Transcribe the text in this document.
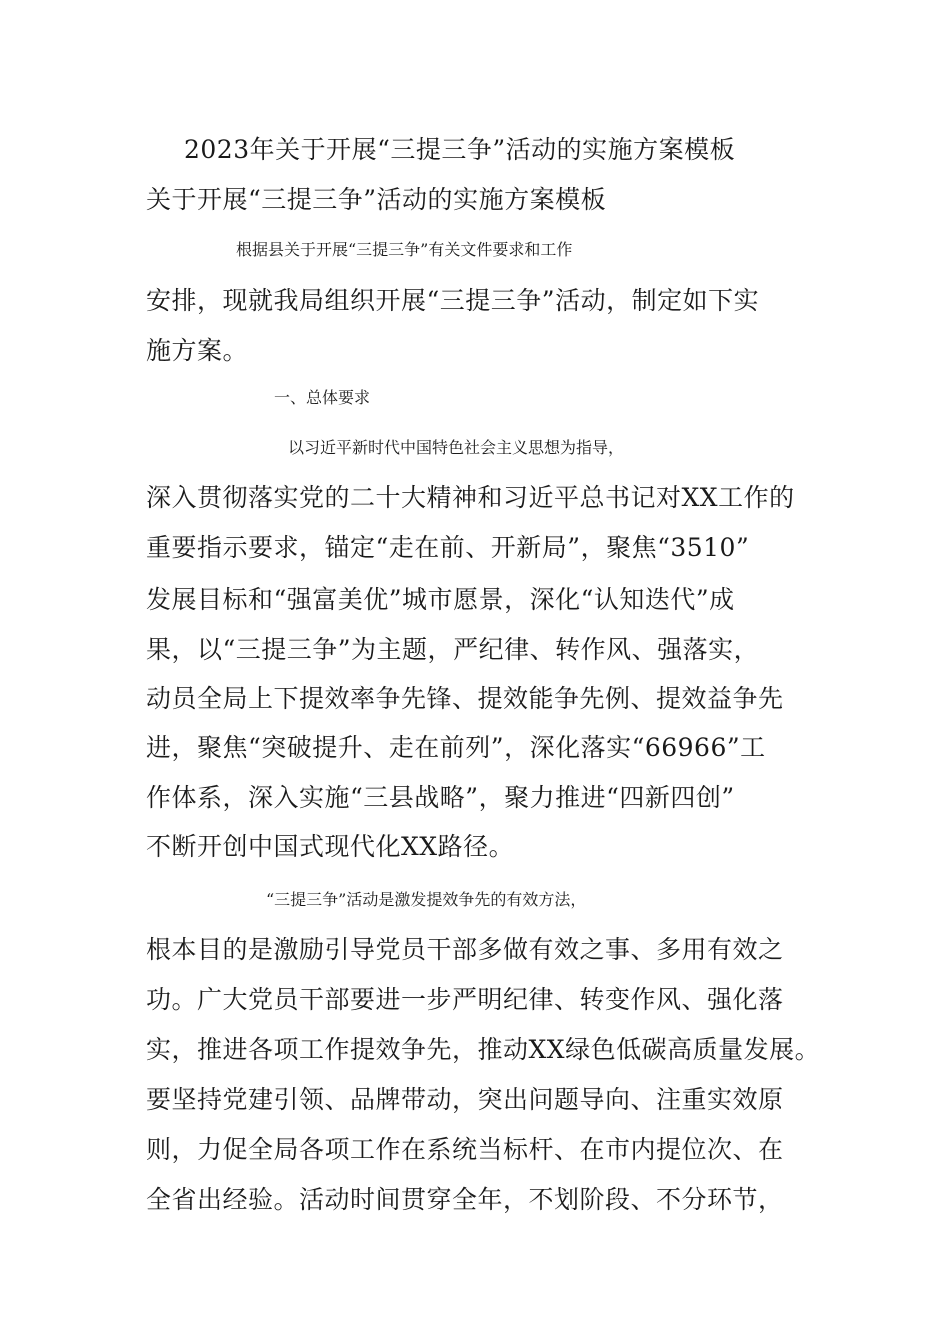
2023年关于开展“三提三争”活动的实施方案模板
关于开展“三提三争”活动的实施方案模板
根据县关于开展“三提三争”有关文件要求和工作
安排，现就我局组织开展“三提三争”活动，制定如下实
施方案。
一、总体要求
以习近平新时代中国特色社会主义思想为指导，
深入贯彻落实党的二十大精神和习近平总书记对XX工作的
重要指示要求，锚定“走在前、开新局”，聚焦“3510”
发展目标和“强富美优”城市愿景，深化“认知迭代”成
果，以“三提三争”为主题，严纪律、转作风、强落实，
动员全局上下提效率争先锋、提效能争先例、提效益争先
进，聚焦“突破提升、走在前列”，深化落实“66966”工
作体系，深入实施“三县战略”，聚力推进“四新四创”
不断开创中国式现代化XX路径。
“三提三争”活动是激发提效争先的有效方法，
根本目的是激励引导党员干部多做有效之事、多用有效之
功。广大党员干部要进一步严明纪律、转变作风、强化落
实，推进各项工作提效争先，推动XX绿色低碳高质量发展。
要坚持党建引领、品牌带动，突出问题导向、注重实效原
则，力促全局各项工作在系统当标杆、在市内提位次、在
全省出经验。活动时间贯穿全年，不划阶段、不分环节，
